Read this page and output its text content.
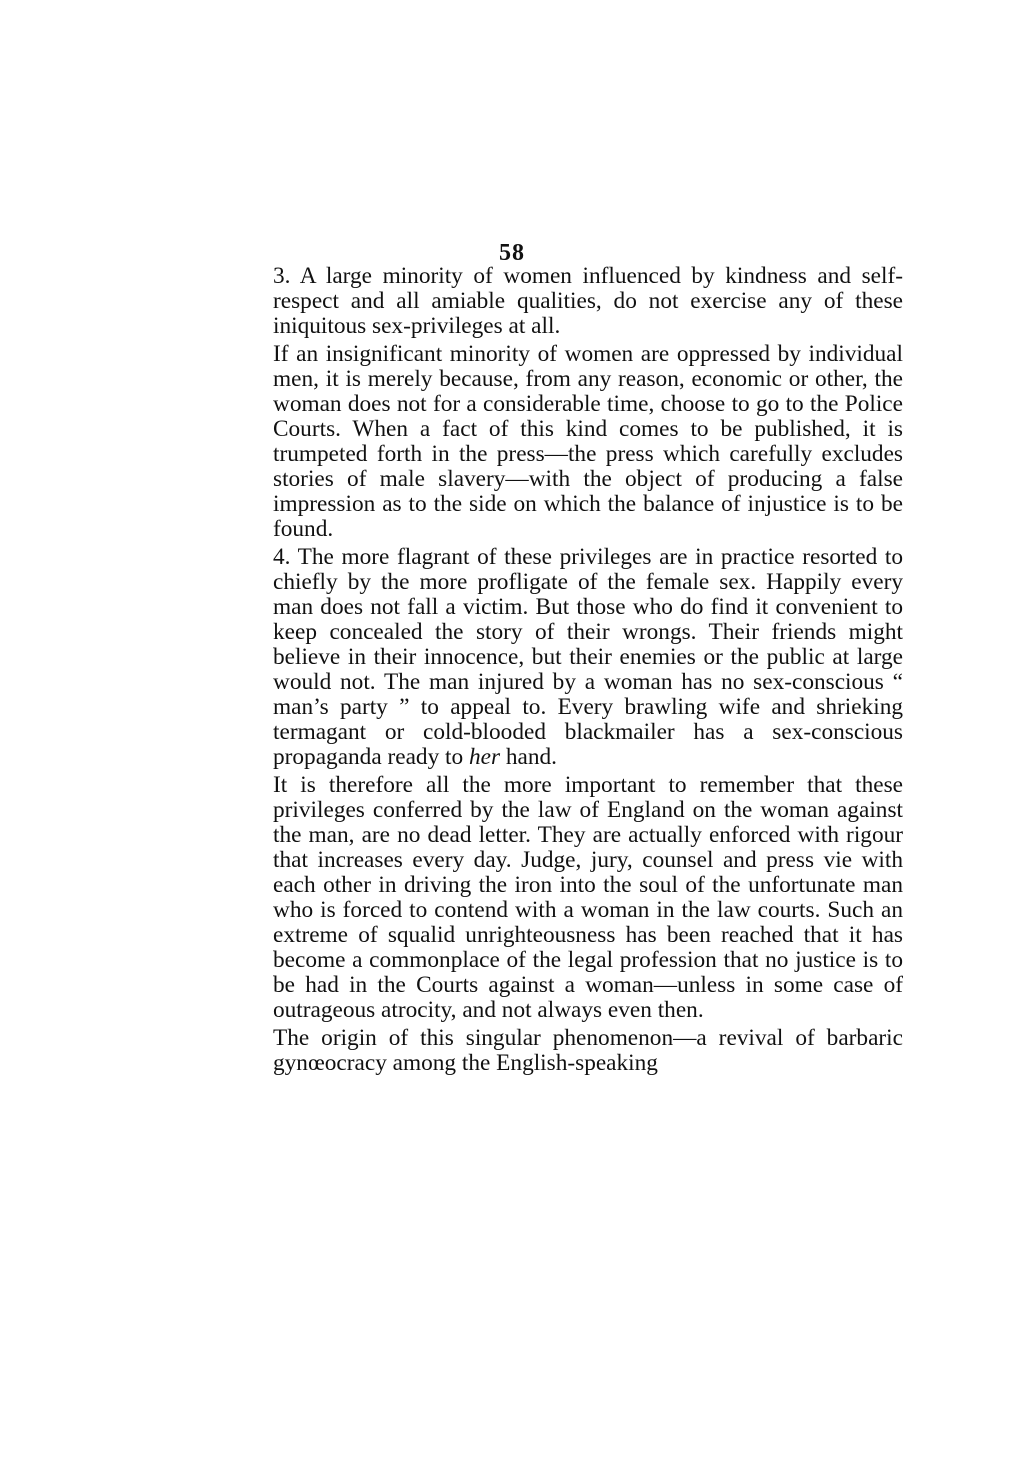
58

3. A large minority of women influenced by kindness and self-respect and all amiable qualities, do not exercise any of these iniquitous sex-privileges at all.

If an insignificant minority of women are oppressed by individual men, it is merely because, from any reason, economic or other, the woman does not for a considerable time, choose to go to the Police Courts. When a fact of this kind comes to be published, it is trumpeted forth in the press—the press which carefully excludes stories of male slavery—with the object of producing a false impression as to the side on which the balance of injustice is to be found.

4. The more flagrant of these privileges are in practice resorted to chiefly by the more profligate of the female sex. Happily every man does not fall a victim. But those who do find it convenient to keep concealed the story of their wrongs. Their friends might believe in their innocence, but their enemies or the public at large would not. The man injured by a woman has no sex-conscious “ man’s party ” to appeal to. Every brawling wife and shrieking termagant or cold-blooded blackmailer has a sex-conscious propaganda ready to her hand.

It is therefore all the more important to remember that these privileges conferred by the law of England on the woman against the man, are no dead letter. They are actually enforced with rigour that increases every day. Judge, jury, counsel and press vie with each other in driving the iron into the soul of the unfortunate man who is forced to contend with a woman in the law courts. Such an extreme of squalid unrighteousness has been reached that it has become a commonplace of the legal profession that no justice is to be had in the Courts against a woman—unless in some case of outrageous atrocity, and not always even then.

The origin of this singular phenomenon—a revival of barbaric gynœocracy among the English-speaking
